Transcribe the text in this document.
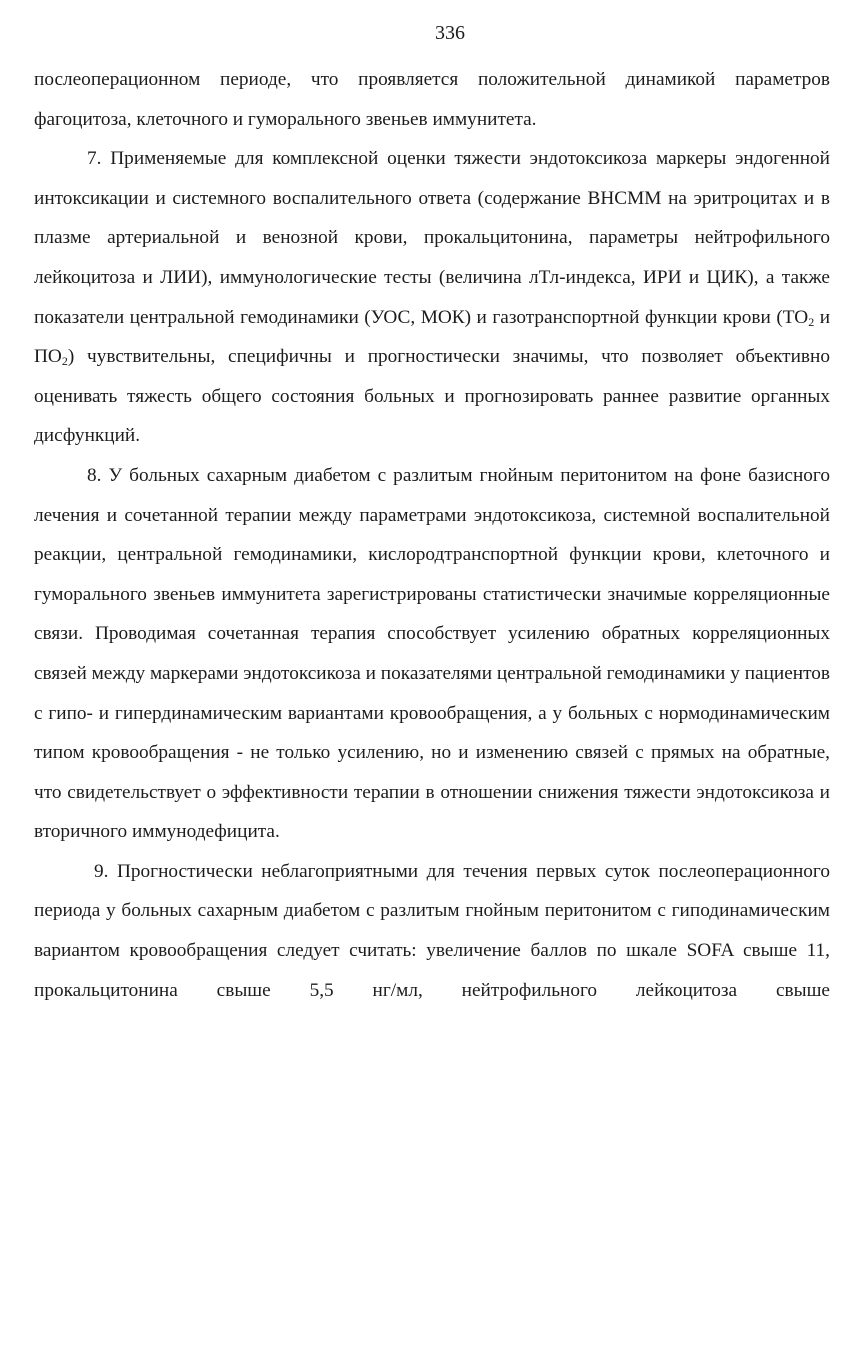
336

послеоперационном периоде, что проявляется положительной динамикой параметров фагоцитоза, клеточного и гуморального звеньев иммунитета.

7. Применяемые для комплексной оценки тяжести эндотоксикоза маркеры эндогенной интоксикации и системного воспалительного ответа (содержание ВНСММ на эритроцитах и в плазме артериальной и венозной крови, прокальцитонина, параметры нейтрофильного лейкоцитоза и ЛИИ), иммунологические тесты (величина лТл-индекса, ИРИ и ЦИК), а также показатели центральной гемодинамики (УОС, МОК) и газотранспортной функции крови ($ТО_2$ и $ПО_2$) чувствительны, специфичны и прогностически значимы, что позволяет объективно оценивать тяжесть общего состояния больных и прогнозировать раннее развитие органных дисфункций.

8. У больных сахарным диабетом с разлитым гнойным перитонитом на фоне базисного лечения и сочетанной терапии между параметрами эндотоксикоза, системной воспалительной реакции, центральной гемодинамики, кислородтранспортной функции крови, клеточного и гуморального звеньев иммунитета зарегистрированы статистически значимые корреляционные связи. Проводимая сочетанная терапия способствует усилению обратных корреляционных связей между маркерами эндотоксикоза и показателями центральной гемодинамики у пациентов с гипо- и гипердинамическим вариантами кровообращения, а у больных с нормодинамическим типом кровообращения - не только усилению, но и изменению связей с прямых на обратные, что свидетельствует о эффективности терапии в отношении снижения тяжести эндотоксикоза и вторичного иммунодефицита.

9. Прогностически неблагоприятными для течения первых суток послеоперационного периода у больных сахарным диабетом с разлитым гнойным перитонитом с гиподинамическим вариантом кровообращения следует считать: увеличение баллов по шкале SOFA свыше 11, прокальцитонина свыше 5,5 нг/мл, нейтрофильного лейкоцитоза свыше
